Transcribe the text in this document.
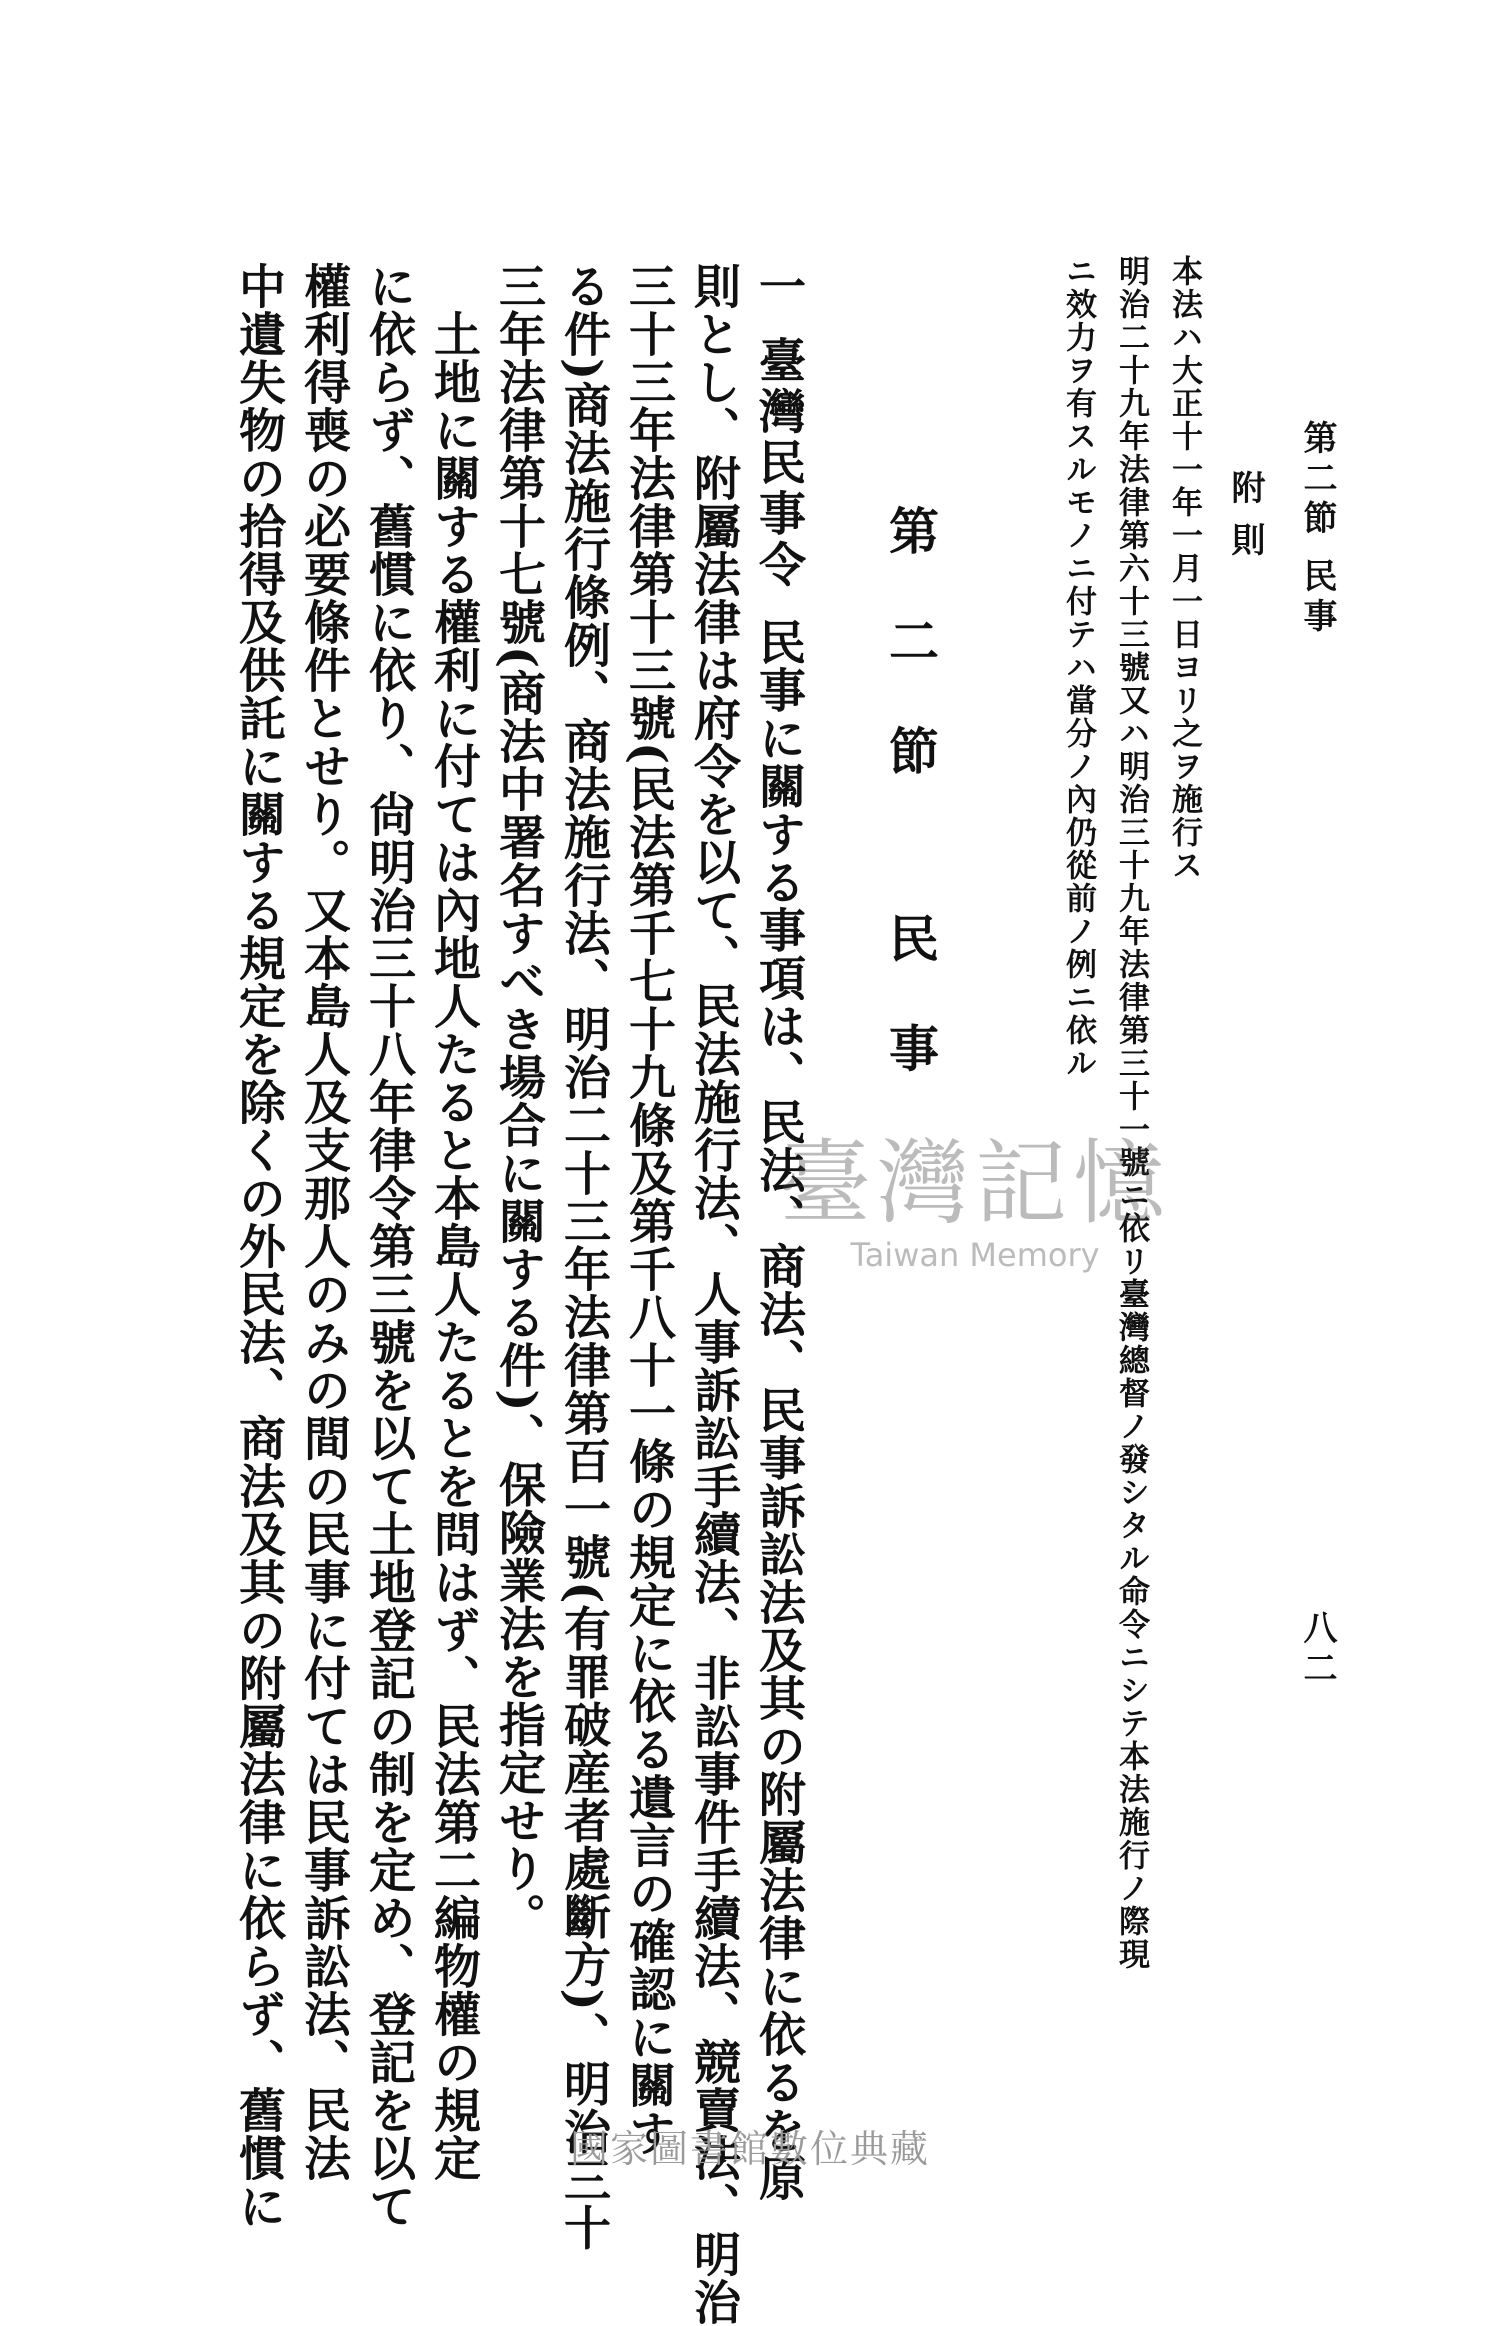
第二節 民事
八二
附則
本法ハ大正十一年一月一日ヨリ之ヲ施行ス
明治二十九年法律第六十三號又ハ明治三十九年法律第三十一號ニ依リ臺灣總督ノ發シタル命令ニシテ本法施行ノ際現
ニ效力ヲ有スルモノニ付テハ當分ノ內仍從前ノ例ニ依ル
第二節 民事
一
臺灣民事令
民事に關する事項は、民法、商法、民事訴訟法及其の附屬法律に依るを原
則とし、附屬法律は府令を以て、民法施行法、人事訴訟手續法、非訟事件手續法、競賣法、明治
三十三年法律第十三號(民法第千七十九條及第千八十一條の規定に依る遺言の確認に關す
る件)商法施行條例、商法施行法、明治二十三年法律第百一號(有罪破産者處斷方)、明治三十
三年法律第十七號(商法中署名すべき場合に關する件)、保險業法を指定せり。
土地に關する權利に付ては內地人たると本島人たるとを問はず、民法第二編物權の規定
に依らず、舊慣に依り、尙明治三十八年律令第三號を以て土地登記の制を定め、登記を以て
權利得喪の必要條件とせり。又本島人及支那人のみの間の民事に付ては民事訴訟法、民法
中遺失物の拾得及供託に關する規定を除くの外民法、商法及其の附屬法律に依らず、舊慣に	臺灣記憶
Taiwan Memory
國家圖書館數位典藏
